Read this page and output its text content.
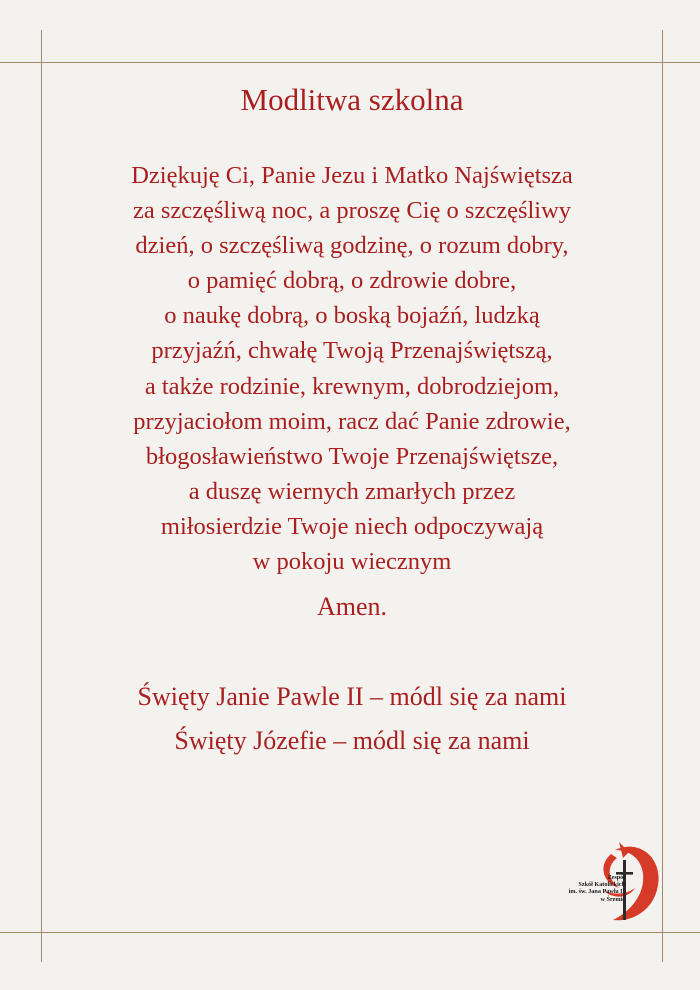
Modlitwa szkolna
Dziękuję Ci, Panie Jezu i Matko Najświętsza
za szczęśliwą noc, a proszę Cię o szczęśliwy
dzień, o szczęśliwą godzinę, o rozum dobry,
o pamięć dobrą, o zdrowie dobre,
o naukę dobrą, o boską bojaźń, ludzką
przyjaźń, chwałę Twoją Przenajświętszą,
a także rodzinie, krewnym, dobrodziejom,
przyjaciołom moim, racz dać Panie zdrowie,
błogosławieństwo Twoje Przenajświętsze,
a duszę wiernych zmarłych przez
miłosierdzie Twoje niech odpoczywają
w pokoju wiecznym
Amen.
Święty Janie Pawle II – módl się za nami
Święty Józefie – módl się za nami
Zespół
Szkół Katolickich
im. św. Jana Pawła II
w Śremie
